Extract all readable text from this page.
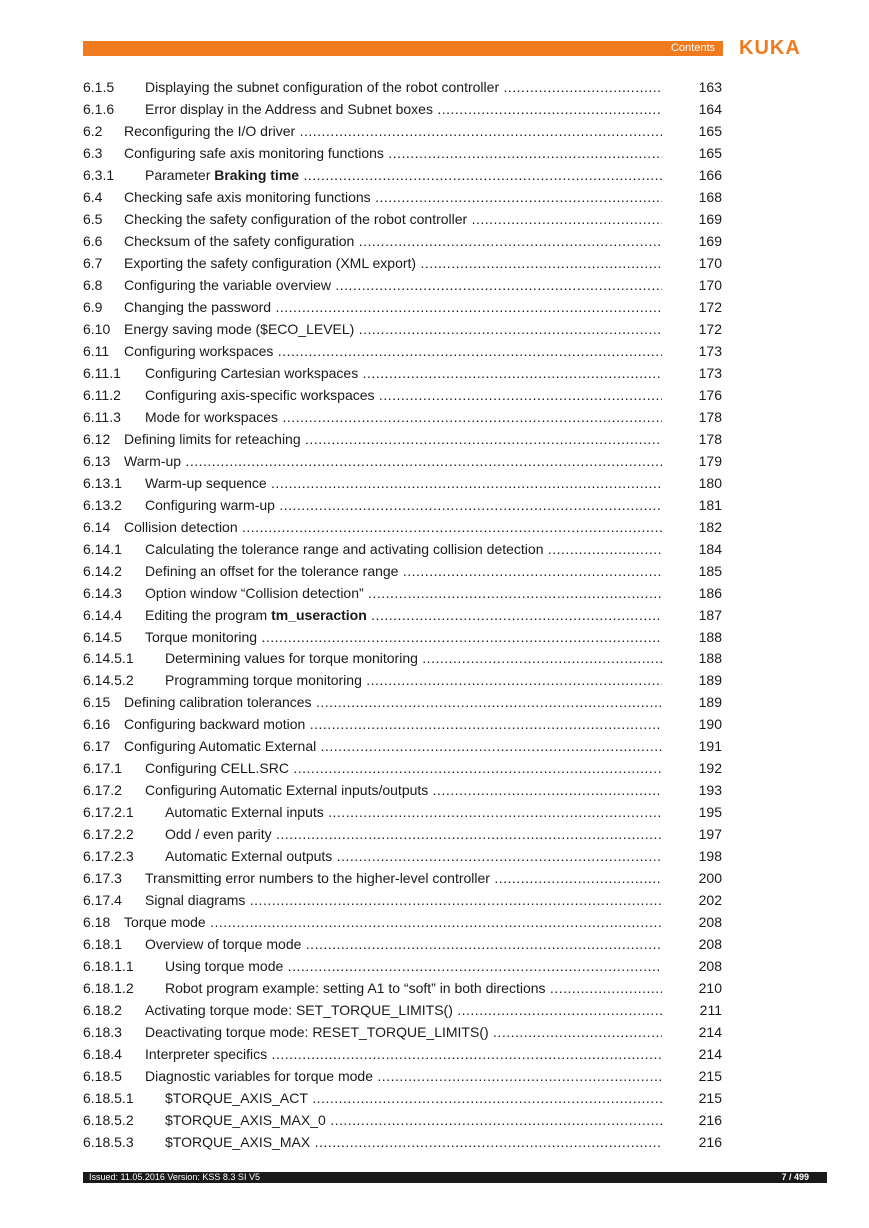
Contents KUKA
6.1.5 Displaying the subnet configuration of the robot controller .....	163
6.1.6 Error display in the Address and Subnet boxes .....	164
6.2 Reconfiguring the I/O driver .....	165
6.3 Configuring safe axis monitoring functions .....	165
6.3.1 Parameter Braking time .....	166
6.4 Checking safe axis monitoring functions .....	168
6.5 Checking the safety configuration of the robot controller .....	169
6.6 Checksum of the safety configuration .....	169
6.7 Exporting the safety configuration (XML export) .....	170
6.8 Configuring the variable overview .....	170
6.9 Changing the password .....	172
6.10 Energy saving mode ($ECO_LEVEL) .....	172
6.11 Configuring workspaces .....	173
6.11.1 Configuring Cartesian workspaces .....	173
6.11.2 Configuring axis-specific workspaces .....	176
6.11.3 Mode for workspaces .....	178
6.12 Defining limits for reteaching .....	178
6.13 Warm-up .....	179
6.13.1 Warm-up sequence .....	180
6.13.2 Configuring warm-up .....	181
6.14 Collision detection .....	182
6.14.1 Calculating the tolerance range and activating collision detection .....	184
6.14.2 Defining an offset for the tolerance range .....	185
6.14.3 Option window “Collision detection” .....	186
6.14.4 Editing the program tm_useraction .....	187
6.14.5 Torque monitoring .....	188
6.14.5.1 Determining values for torque monitoring .....	188
6.14.5.2 Programming torque monitoring .....	189
6.15 Defining calibration tolerances .....	189
6.16 Configuring backward motion .....	190
6.17 Configuring Automatic External .....	191
6.17.1 Configuring CELL.SRC .....	192
6.17.2 Configuring Automatic External inputs/outputs .....	193
6.17.2.1 Automatic External inputs .....	195
6.17.2.2 Odd / even parity .....	197
6.17.2.3 Automatic External outputs .....	198
6.17.3 Transmitting error numbers to the higher-level controller .....	200
6.17.4 Signal diagrams .....	202
6.18 Torque mode .....	208
6.18.1 Overview of torque mode .....	208
6.18.1.1 Using torque mode .....	208
6.18.1.2 Robot program example: setting A1 to “soft” in both directions .....	210
6.18.2 Activating torque mode: SET_TORQUE_LIMITS() .....	211
6.18.3 Deactivating torque mode: RESET_TORQUE_LIMITS() .....	214
6.18.4 Interpreter specifics .....	214
6.18.5 Diagnostic variables for torque mode .....	215
6.18.5.1 $TORQUE_AXIS_ACT .....	215
6.18.5.2 $TORQUE_AXIS_MAX_0 .....	216
6.18.5.3 $TORQUE_AXIS_MAX .....	216
Issued: 11.05.2016 Version: KSS 8.3 SI V5	7 / 499
